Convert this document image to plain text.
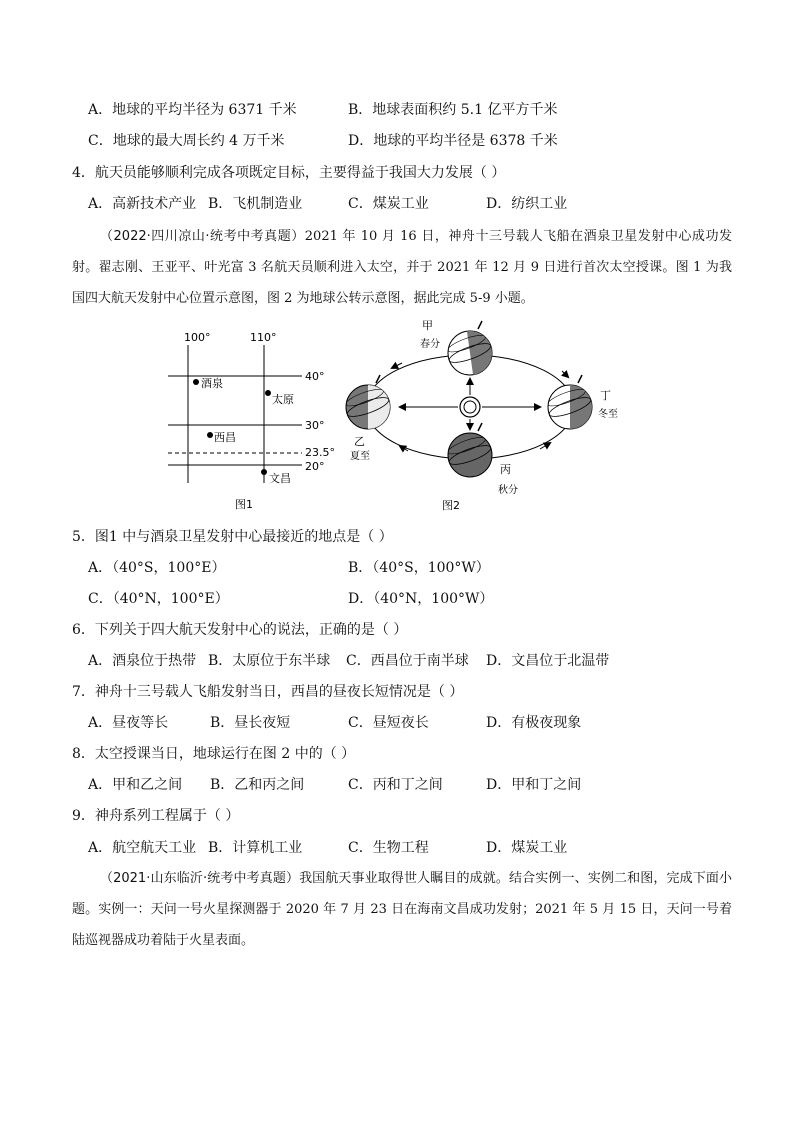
A．地球的平均半径为 6371 千米	B．地球表面积约 5.1 亿平方千米
C．地球的最大周长约 4 万千米	D．地球的平均半径是 6378 千米
4．航天员能够顺利完成各项既定目标，主要得益于我国大力发展（ ）
A．高新技术产业 B．飞机制造业	C．煤炭工业	D．纺织工业
（2022·四川凉山·统考中考真题）2021 年 10 月 16 日，神舟十三号载人飞船在酒泉卫星发射中心成功发射。翟志刚、王亚平、叶光富 3 名航天员顺利进入太空，并于 2021 年 12 月 9 日进行首次太空授课。图 1 为我国四大航天发射中心位置示意图，图 2 为地球公转示意图，据此完成 5-9 小题。
100°	110°
40°
30°
23.5°
20°
酒泉
太原
西昌
文昌
图1
甲
春分
乙
夏至
丙
秋分
丁
冬至
图2
5．图1 中与酒泉卫星发射中心最接近的地点是（ ）
A．（40°S，100°E）	B．（40°S，100°W）
C．（40°N，100°E）	D．（40°N，100°W）
6．下列关于四大航天发射中心的说法，正确的是（ ）
A．酒泉位于热带 B．太原位于东半球 C．西昌位于南半球 D．文昌位于北温带
7．神舟十三号载人飞船发射当日，西昌的昼夜长短情况是（ ）
A．昼夜等长	B．昼长夜短	C．昼短夜长	D．有极夜现象
8．太空授课当日，地球运行在图 2 中的（ ）
A．甲和乙之间 B．乙和丙之间	C．丙和丁之间	D．甲和丁之间
9．神舟系列工程属于（ ）
A．航空航天工业 B．计算机工业	C．生物工程	D．煤炭工业
（2021·山东临沂·统考中考真题）我国航天事业取得世人瞩目的成就。结合实例一、实例二和图，完成下面小题。实例一：天问一号火星探测器于 2020 年 7 月 23 日在海南文昌成功发射；2021 年 5 月 15 日，天问一号着陆巡视器成功着陆于火星表面。
